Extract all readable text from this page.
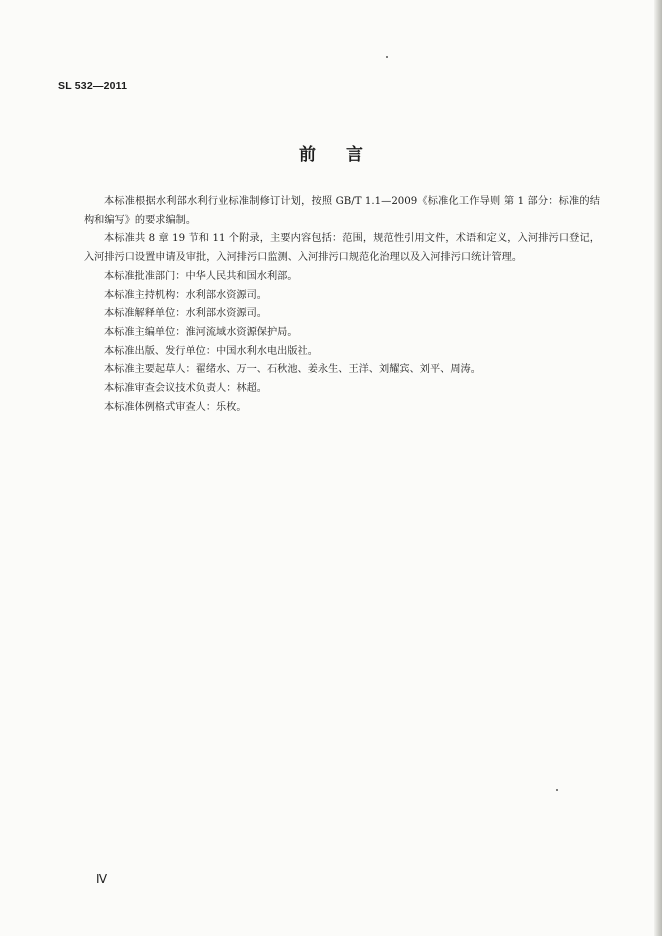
SL 532—2011
前言

本标准根据水利部水利行业标准制修订计划，按照 GB/T 1.1—2009《标准化工作导则 第 1 部分：标准的结构和编写》的要求编制。

本标准共 8 章 19 节和 11 个附录，主要内容包括：范围，规范性引用文件，术语和定义，入河排污口登记，入河排污口设置申请及审批，入河排污口监测、入河排污口规范化治理以及入河排污口统计管理。

本标准批准部门：中华人民共和国水利部。

本标准主持机构：水利部水资源司。

本标准解释单位：水利部水资源司。

本标准主编单位：淮河流域水资源保护局。

本标准出版、发行单位：中国水利水电出版社。

本标准主要起草人：翟绪水、万一、石秋池、姜永生、王洋、刘耀宾、刘平、周涛。

本标准审查会议技术负责人：林超。

本标准体例格式审查人：乐枚。

Ⅳ
